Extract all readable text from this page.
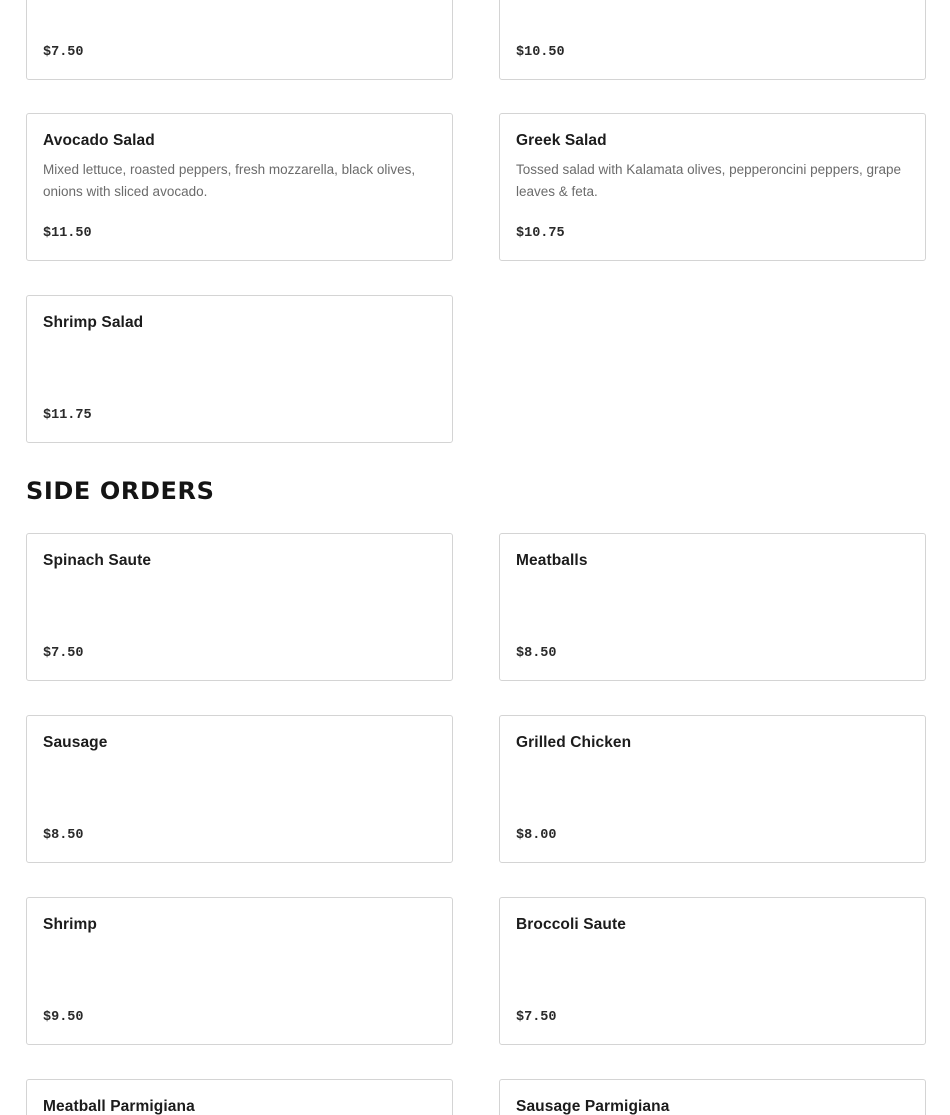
$7.50	$10.50
Avocado Salad
Mixed lettuce, roasted peppers, fresh mozzarella, black olives, onions with sliced avocado.
$11.50
Greek Salad
Tossed salad with Kalamata olives, pepperoncini peppers, grape leaves & feta.
$10.75
Shrimp Salad
$11.75
SIDE ORDERS
Spinach Saute
$7.50
Meatballs
$8.50
Sausage
$8.50
Grilled Chicken
$8.00
Shrimp
$9.50
Broccoli Saute
$7.50
Meatball Parmigiana	Sausage Parmigiana
